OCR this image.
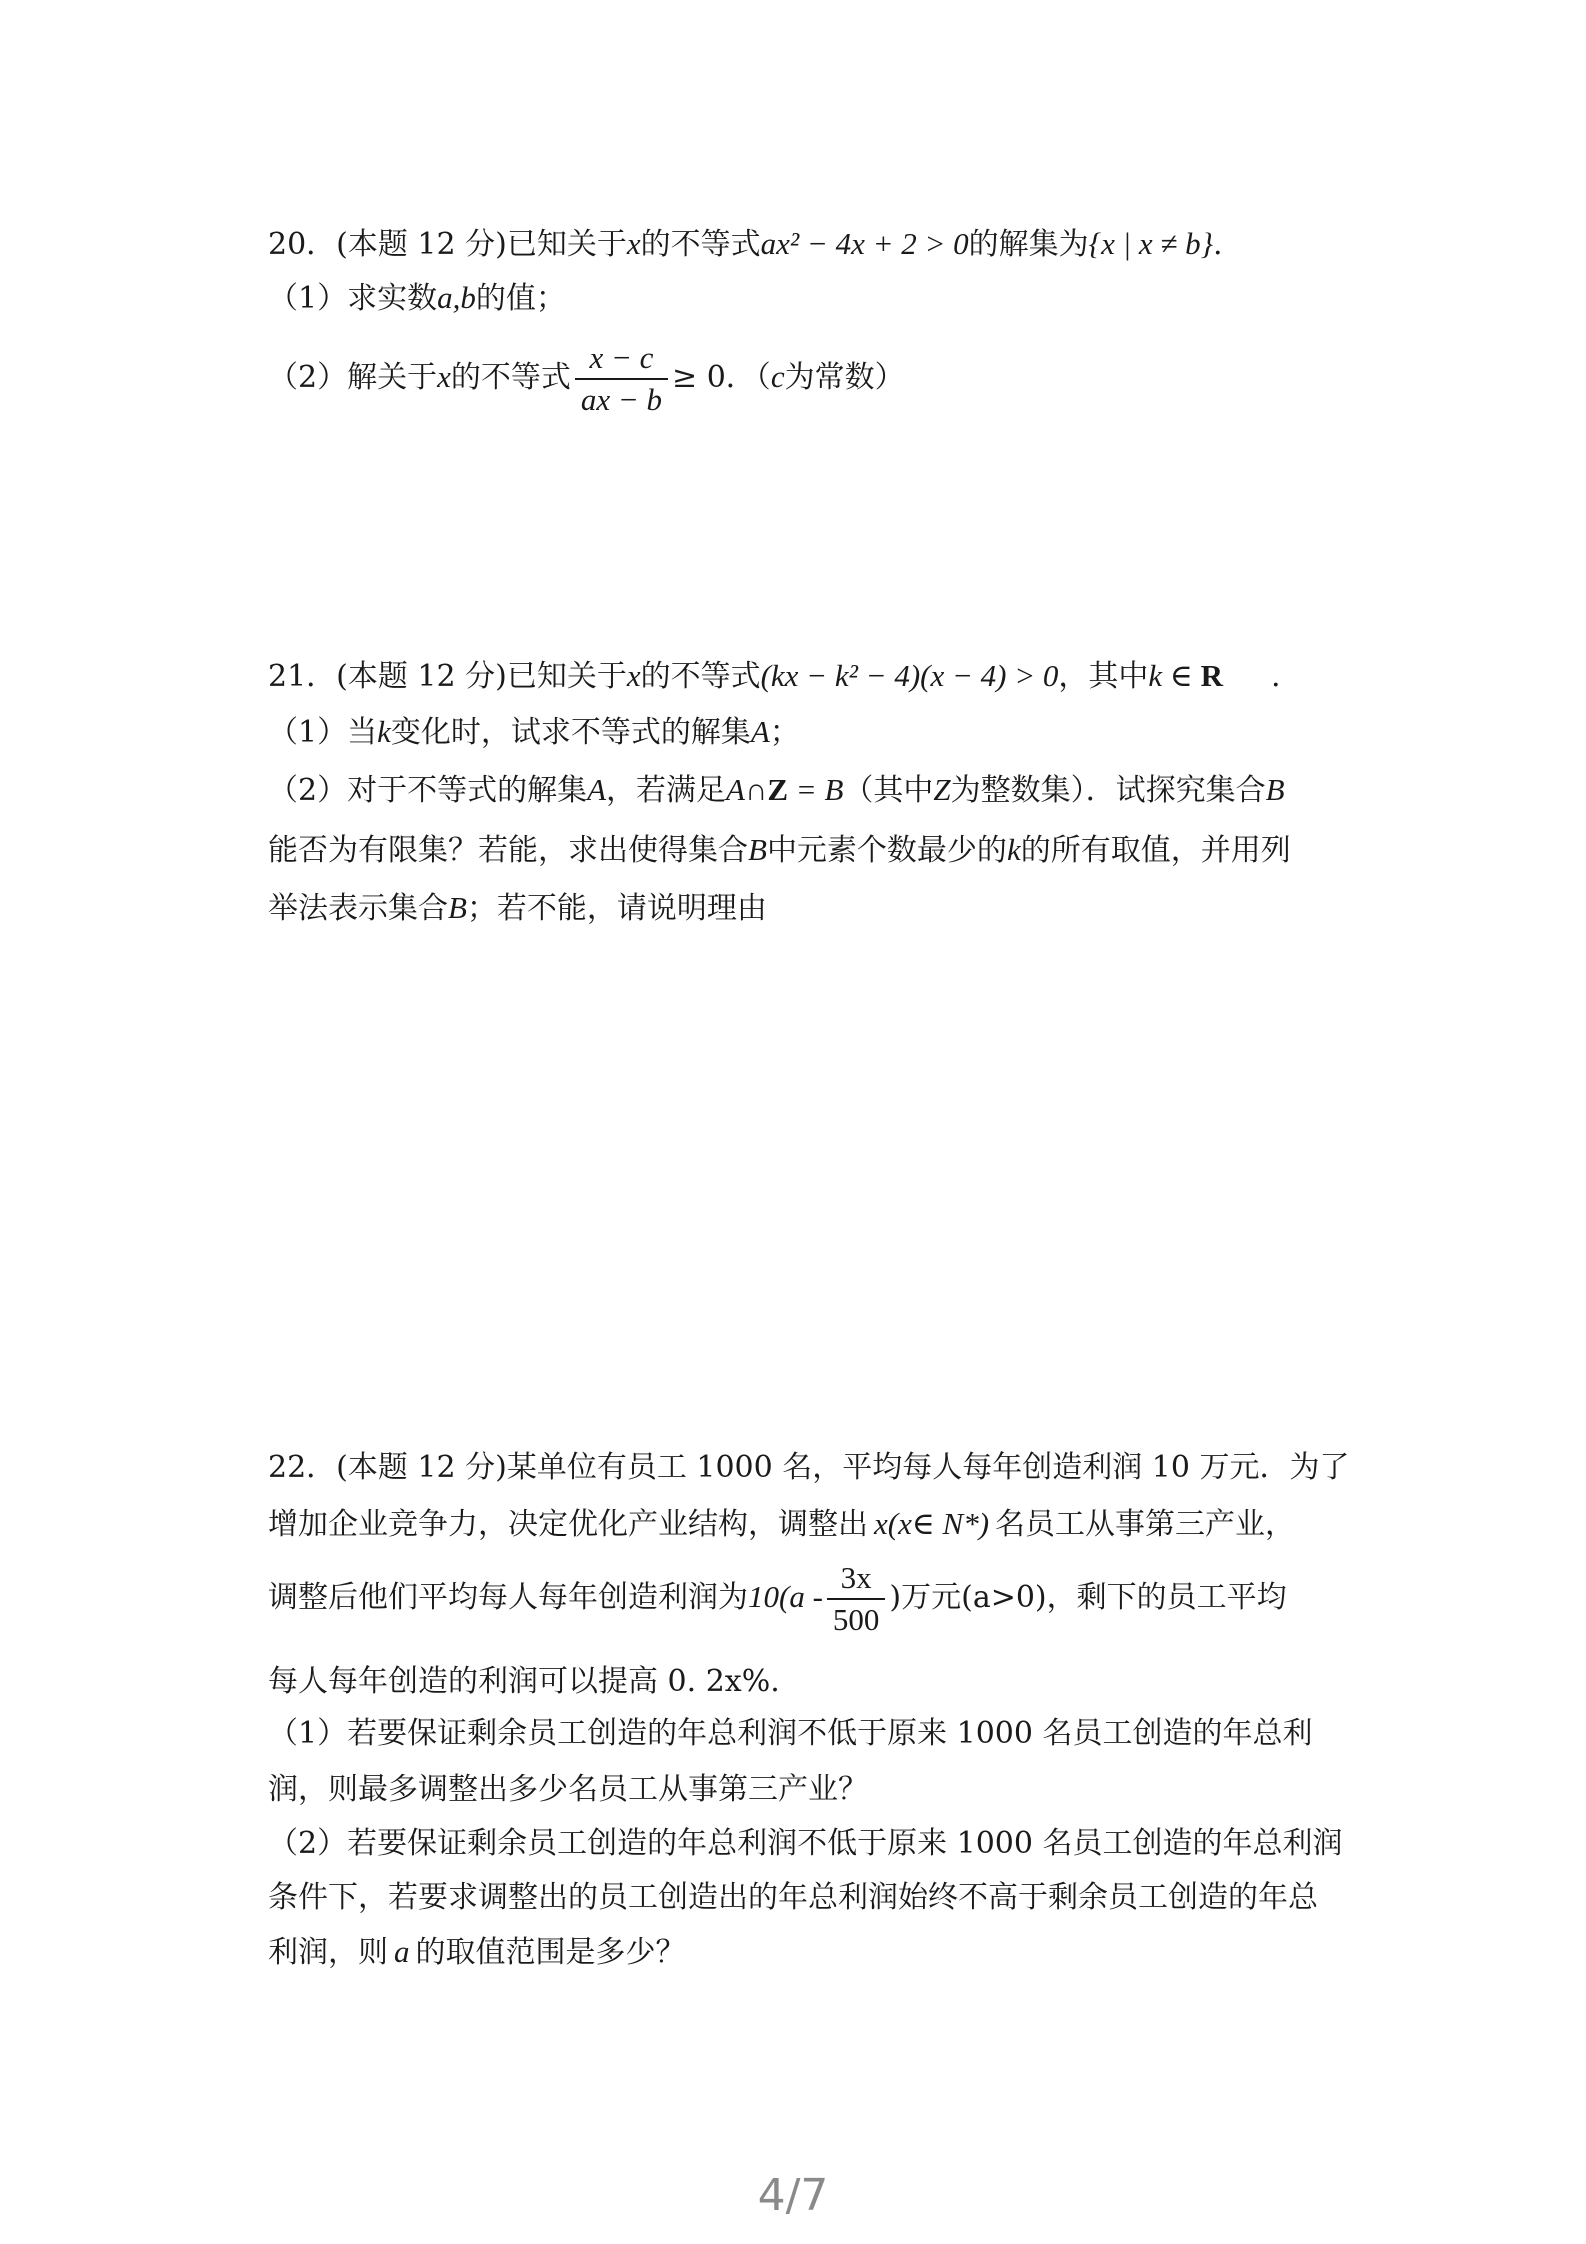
20．(本题 12 分)已知关于x的不等式ax² − 4x + 2 > 0的解集为{x | x ≠ b}.
（1）求实数a,b的值；
（2）解关于x的不等式 $\frac{x - c}{ax - b} \ge 0$．（c为常数）
21．(本题 12 分)已知关于x的不等式(kx − k² − 4)(x − 4) > 0，其中k ∈ R .
（1）当k变化时，试求不等式的解集A；
（2）对于不等式的解集A，若满足A∩Z = B（其中Z为整数集）．试探究集合B
能否为有限集？若能，求出使得集合B中元素个数最少的k的所有取值，并用列
举法表示集合B；若不能，请说明理由
22．(本题 12 分)某单位有员工 1000 名，平均每人每年创造利润 10 万元．为了
增加企业竞争力，决定优化产业结构，调整出 x(x∈ N*) 名员工从事第三产业，
调整后他们平均每人每年创造利润为$10(a - \frac{3x}{500}$ )万元(a>0)，剩下的员工平均
每人每年创造的利润可以提高 0. 2x%.
（1）若要保证剩余员工创造的年总利润不低于原来 1000 名员工创造的年总利
润，则最多调整出多少名员工从事第三产业？
（2）若要保证剩余员工创造的年总利润不低于原来 1000 名员工创造的年总利润
条件下，若要求调整出的员工创造出的年总利润始终不高于剩余员工创造的年总
利润，则 a 的取值范围是多少？
4/7
